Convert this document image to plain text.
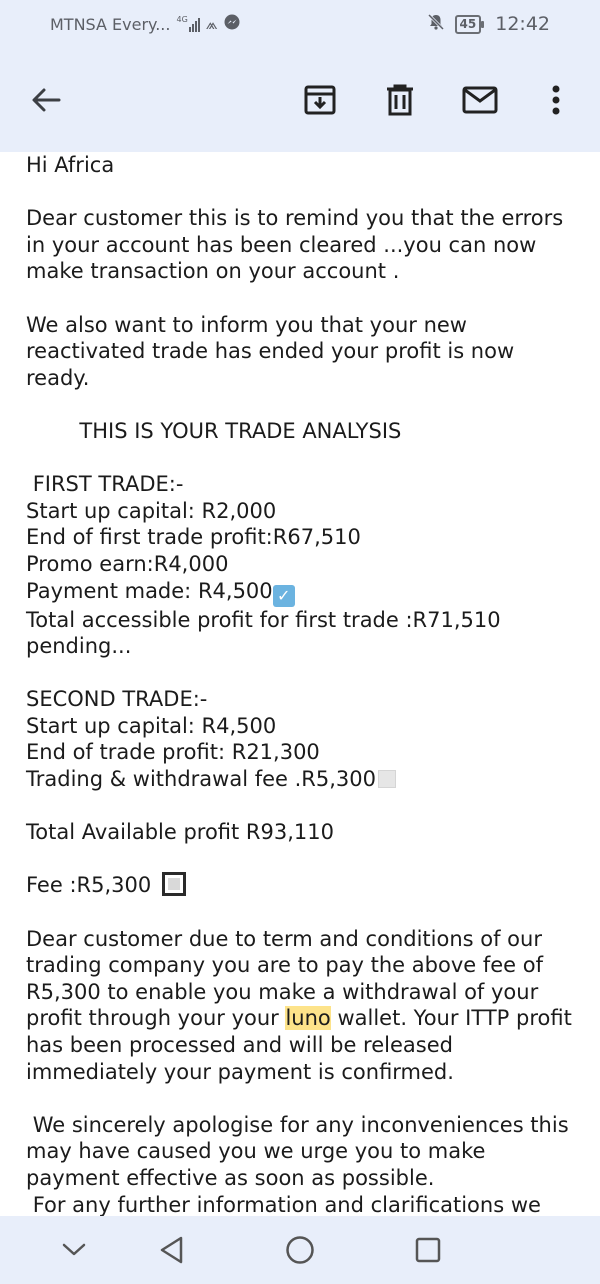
MTNSA Every... 4G ⩕	45 12:42

Hi Africa

Dear customer this is to remind you that the errors in your account has been cleared ...you can now make transaction on your account .

We also want to inform you that your new reactivated trade has ended your profit is now ready.

THIS IS YOUR TRADE ANALYSIS

FIRST TRADE:-

Start up capital: R2,000

End of first trade profit:R67,510

Promo earn:R4,000

Payment made: R4,500 ✓

Total accessible profit for first trade :R71,510

pending...

SECOND TRADE:-

Start up capital: R4,500

End of trade profit: R21,300

Trading & withdrawal fee .R5,300

Total Available profit R93,110

Fee :R5,300

Dear customer due to term and conditions of our trading company you are to pay the above fee of R5,300 to enable you make a withdrawal of your profit through your your luno wallet. Your ITTP profit has been processed and will be released immediately your payment is confirmed.

We sincerely apologise for any inconveniences this may have caused you we urge you to make payment effective as soon as possible.

For any further information and clarifications we
